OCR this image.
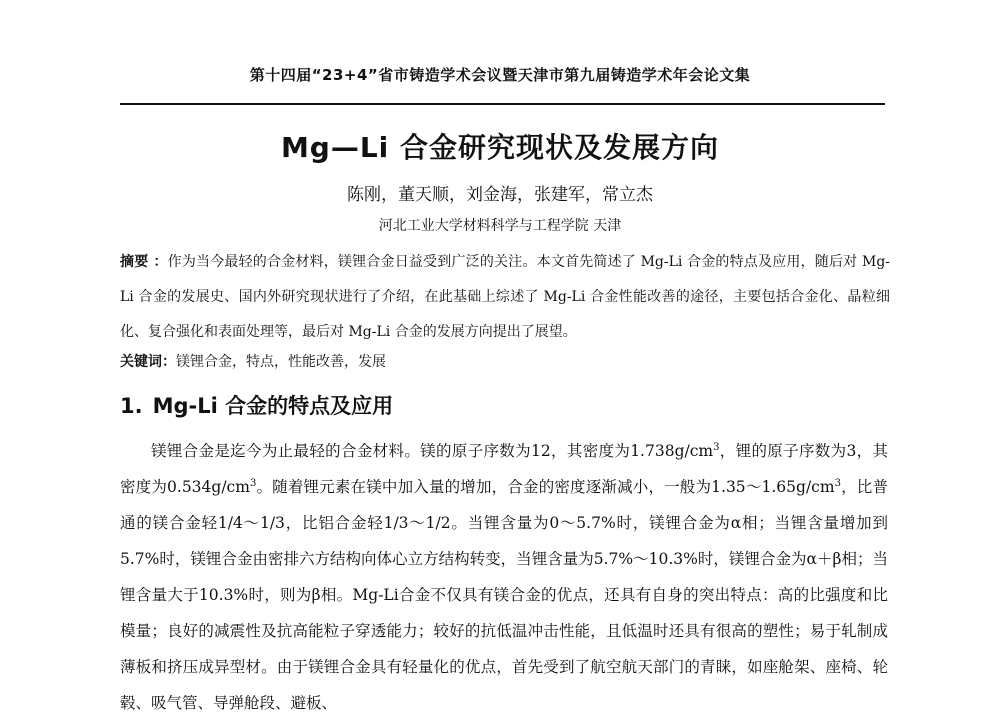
第十四届“23+4”省市铸造学术会议暨天津市第九届铸造学术年会论文集
Mg—Li 合金研究现状及发展方向
陈刚，董天顺，刘金海，张建军，常立杰
河北工业大学材料科学与工程学院 天津
摘要 ：作为当今最轻的合金材料，镁锂合金日益受到广泛的关注。本文首先简述了 Mg-Li 合金的特点及应用，随后对 Mg-Li 合金的发展史、国内外研究现状进行了介绍，在此基础上综述了 Mg-Li 合金性能改善的途径，主要包括合金化、晶粒细化、复合强化和表面处理等，最后对 Mg-Li 合金的发展方向提出了展望。
关键词：镁锂合金，特点，性能改善，发展
1. Mg-Li 合金的特点及应用
镁锂合金是迄今为止最轻的合金材料。镁的原子序数为12，其密度为$1.738g/cm^3$，锂的原子序数为3，其密度为$0.534g/cm^3$。随着锂元素在镁中加入量的增加，合金的密度逐渐减小，一般为$1.35\sim 1.65g/cm^3$，比普通的镁合金轻1/4～1/3，比铝合金轻1/3～1/2。当锂含量为0～5.7%时，镁锂合金为α相；当锂含量增加到5.7%时，镁锂合金由密排六方结构向体心立方结构转变，当锂含量为5.7%～10.3%时，镁锂合金为α＋β相；当锂含量大于10.3%时，则为β相。Mg-Li合金不仅具有镁合金的优点，还具有自身的突出特点：高的比强度和比模量；良好的减震性及抗高能粒子穿透能力；较好的抗低温冲击性能，且低温时还具有很高的塑性；易于轧制成薄板和挤压成异型材。由于镁锂合金具有轻量化的优点，首先受到了航空航天部门的青睐，如座舱架、座椅、轮毂、吸气管、导弹舱段、避板、
